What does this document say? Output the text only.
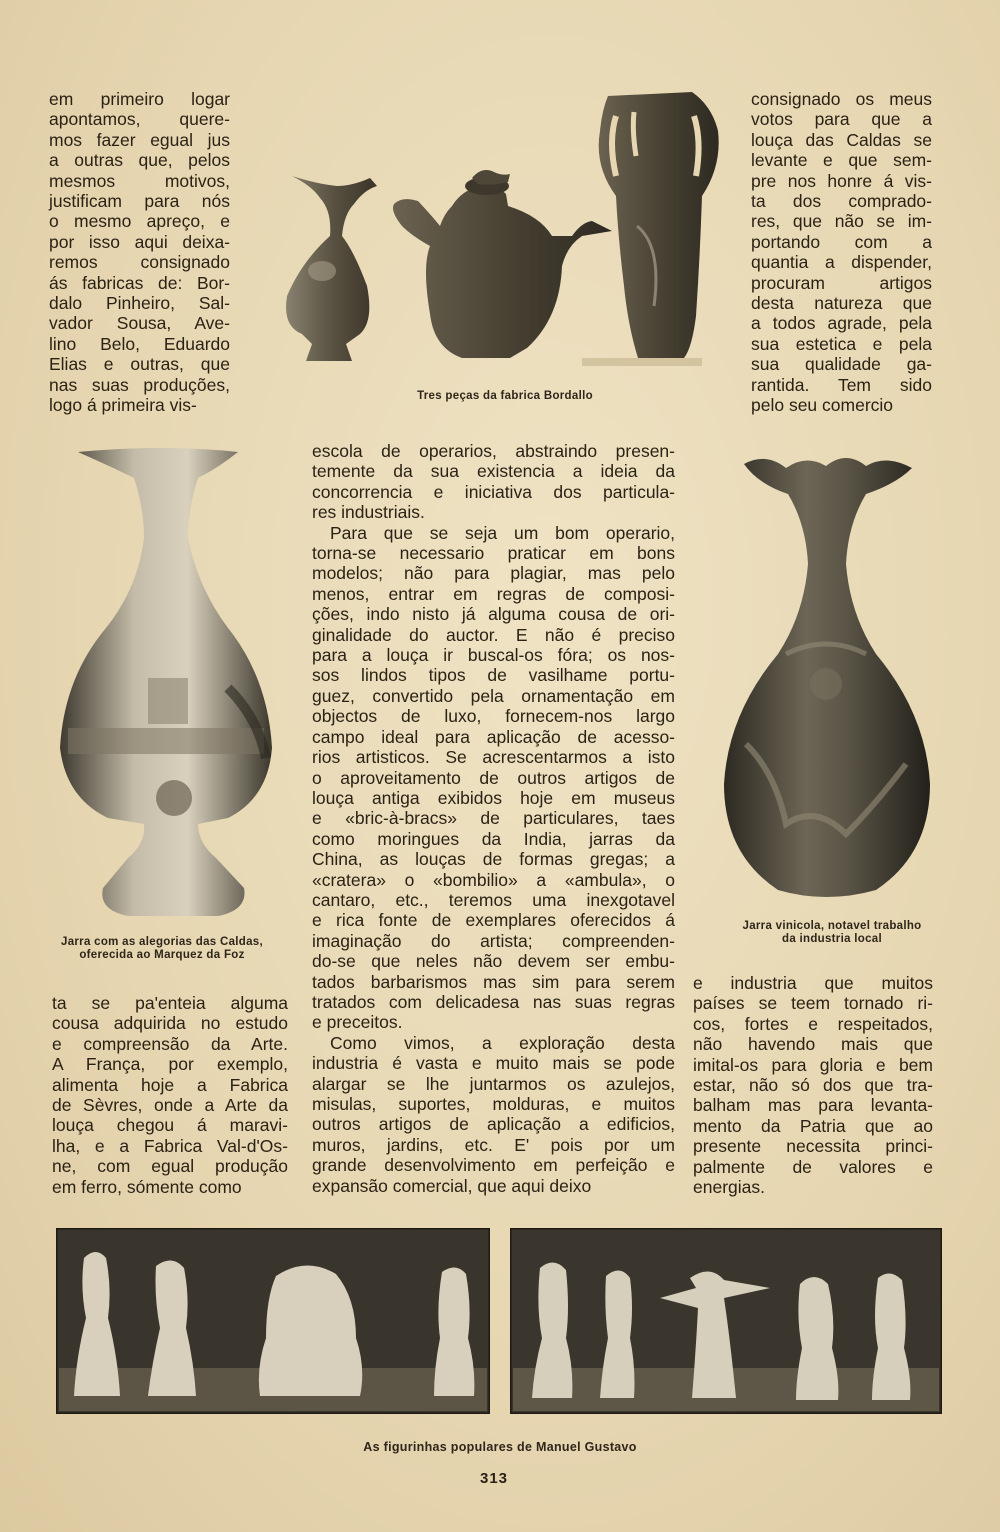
em primeiro logar
apontamos, quere-
mos fazer egual jus
a outras que, pelos
mesmos motivos,
justificam para nós
o mesmo apreço, e
por isso aqui deixa-
remos consignado
ás fabricas de: Bor-
dalo Pinheiro, Sal-
vador Sousa, Ave-
lino Belo, Eduardo
Elias e outras, que
nas suas produções,
logo á primeira vis-	Tres peças da fabrica Bordallo
consignado os meus
votos para que a
louça das Caldas se
levante e que sem-
pre nos honre á vis-
ta dos comprado-
res, que não se im-
portando com a
quantia a dispender,
procuram artigos
desta natureza que
a todos agrade, pela
sua estetica e pela
sua qualidade ga-
rantida. Tem sido
pelo seu comercio
Jarra com as alegorias das Caldas,
oferecida ao Marquez da Foz
escola de operarios, abstraindo presen-
temente da sua existencia a ideia da
concorrencia e iniciativa dos particula-
res industriais.
Para que se seja um bom operario,
torna-se necessario praticar em bons
modelos; não para plagiar, mas pelo
menos, entrar em regras de composi-
ções, indo nisto já alguma cousa de ori-
ginalidade do auctor. E não é preciso
para a louça ir buscal-os fóra; os nos-
sos lindos tipos de vasilhame portu-
guez, convertido pela ornamentação em
objectos de luxo, fornecem-nos largo
campo ideal para aplicação de acesso-
rios artisticos. Se acrescentarmos a isto
o aproveitamento de outros artigos de
louça antiga exibidos hoje em museus
e «bric-à-bracs» de particulares, taes
como moringues da India, jarras da
China, as louças de formas gregas; a
«cratera» o «bombilio» a «ambula», o
cantaro, etc., teremos uma inexgotavel
e rica fonte de exemplares oferecidos á
imaginação do artista; compreenden-
do-se que neles não devem ser embu-
tados barbarismos mas sim para serem
tratados com delicadesa nas suas regras
e preceitos.
Como vimos, a exploração desta
industria é vasta e muito mais se pode
alargar se lhe juntarmos os azulejos,
misulas, suportes, molduras, e muitos
outros artigos de aplicação a edificios,
muros, jardins, etc. E' pois por um
grande desenvolvimento em perfeição e
expansão comercial, que aqui deixo
Jarra vinicola, notavel trabalho
da industria local
ta se pa'enteia alguma
cousa adquirida no estudo
e compreensão da Arte.
A França, por exemplo,
alimenta hoje a Fabrica
de Sèvres, onde a Arte da
louça chegou á maravi-
lha, e a Fabrica Val-d'Os-
ne, com egual produção
em ferro, sómente como
e industria que muitos
países se teem tornado ri-
cos, fortes e respeitados,
não havendo mais que
imital-os para gloria e bem
estar, não só dos que tra-
balham mas para levanta-
mento da Patria que ao
presente necessita princi-
palmente de valores e
energias.
As figurinhas populares de Manuel Gustavo
313
